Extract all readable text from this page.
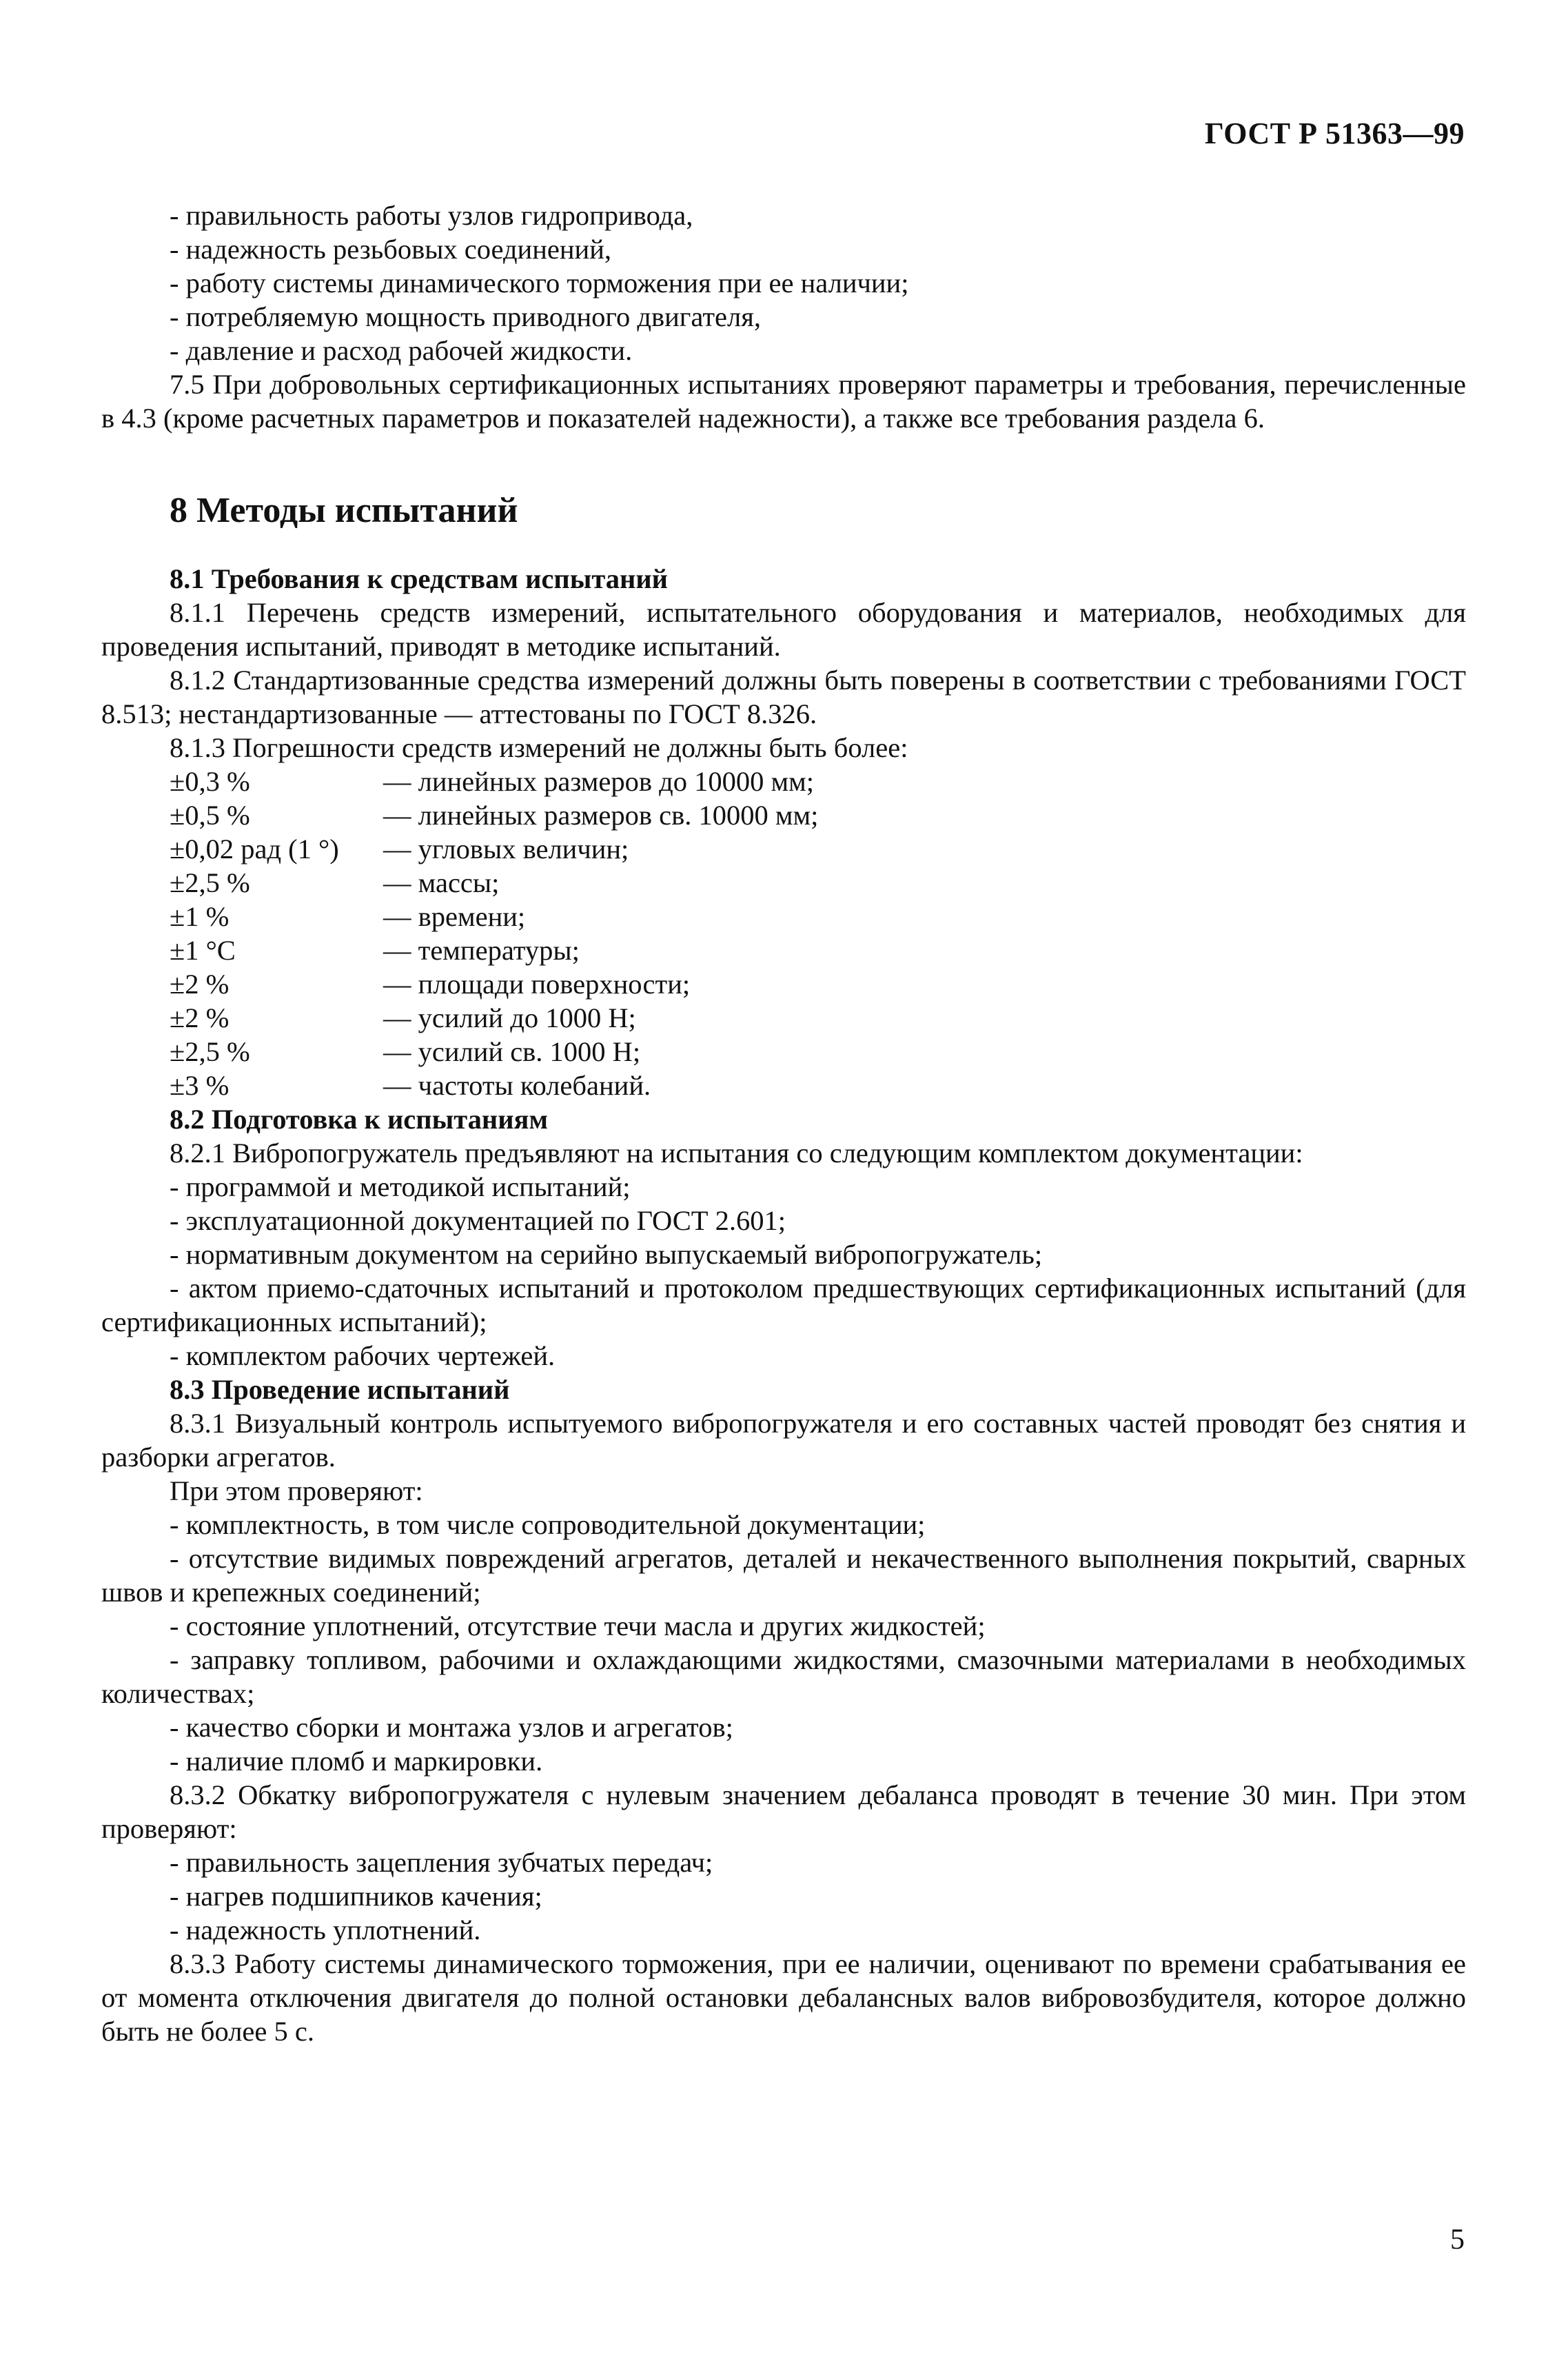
ГОСТ Р 51363—99

- правильность работы узлов гидропривода,

- надежность резьбовых соединений,

- работу системы динамического торможения при ее наличии;

- потребляемую мощность приводного двигателя,

- давление и расход рабочей жидкости.

7.5 При добровольных сертификационных испытаниях проверяют параметры и требования, перечисленные в 4.3 (кроме расчетных параметров и показателей надежности), а также все требования раздела 6.

8 Методы испытаний

8.1 Требования к средствам испытаний

8.1.1 Перечень средств измерений, испытательного оборудования и материалов, необходимых для проведения испытаний, приводят в методике испытаний.

8.1.2 Стандартизованные средства измерений должны быть поверены в соответствии с требованиями ГОСТ 8.513; нестандартизованные — аттестованы по ГОСТ 8.326.

8.1.3 Погрешности средств измерений не должны быть более:

±0,3 %	— линейных размеров до 10000 мм;
±0,5 %	— линейных размеров св. 10000 мм;
±0,02 рад (1 °)	— угловых величин;
±2,5 %	— массы;
±1 %	— времени;
±1 °С	— температуры;
±2 %	— площади поверхности;
±2 %	— усилий до 1000 Н;
±2,5 %	— усилий св. 1000 Н;
±3 %	— частоты колебаний.

8.2 Подготовка к испытаниям

8.2.1 Вибропогружатель предъявляют на испытания со следующим комплектом документации:

- программой и методикой испытаний;

- эксплуатационной документацией по ГОСТ 2.601;

- нормативным документом на серийно выпускаемый вибропогружатель;

- актом приемо-сдаточных испытаний и протоколом предшествующих сертификационных испытаний (для сертификационных испытаний);

- комплектом рабочих чертежей.

8.3 Проведение испытаний

8.3.1 Визуальный контроль испытуемого вибропогружателя и его составных частей проводят без снятия и разборки агрегатов.

При этом проверяют:

- комплектность, в том числе сопроводительной документации;

- отсутствие видимых повреждений агрегатов, деталей и некачественного выполнения покрытий, сварных швов и крепежных соединений;

- состояние уплотнений, отсутствие течи масла и других жидкостей;

- заправку топливом, рабочими и охлаждающими жидкостями, смазочными материалами в необходимых количествах;

- качество сборки и монтажа узлов и агрегатов;

- наличие пломб и маркировки.

8.3.2 Обкатку вибропогружателя с нулевым значением дебаланса проводят в течение 30 мин. При этом проверяют:

- правильность зацепления зубчатых передач;

- нагрев подшипников качения;

- надежность уплотнений.

8.3.3 Работу системы динамического торможения, при ее наличии, оценивают по времени срабатывания ее от момента отключения двигателя до полной остановки дебалансных валов вибровозбудителя, которое должно быть не более 5 с.

5
